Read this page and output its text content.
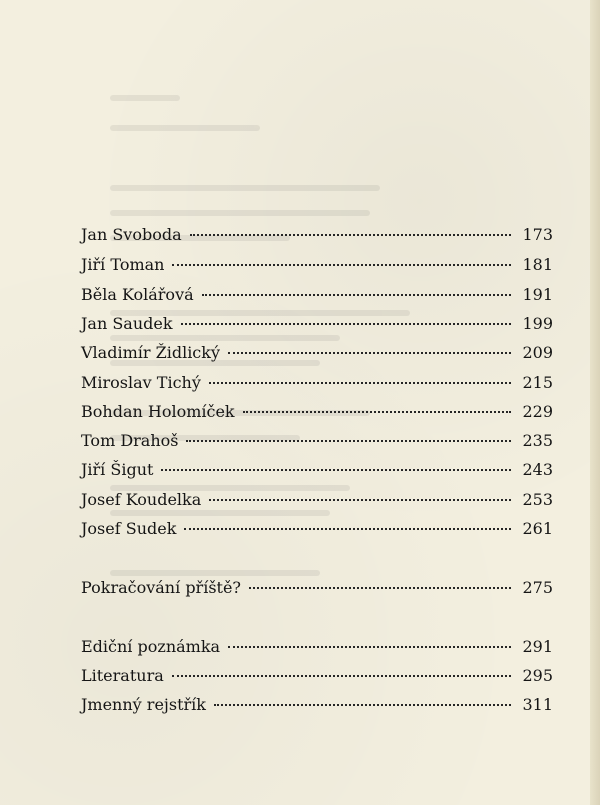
Jan Svoboda	173
Jiří Toman	181
Běla Kolářová	191
Jan Saudek	199
Vladimír Židlický	209
Miroslav Tichý	215
Bohdan Holomíček	229
Tom Drahoš	235
Jiří Šigut	243
Josef Koudelka	253
Josef Sudek	261
Pokračování příště?	275
Ediční poznámka	291
Literatura	295
Jmenný rejstřík	311
